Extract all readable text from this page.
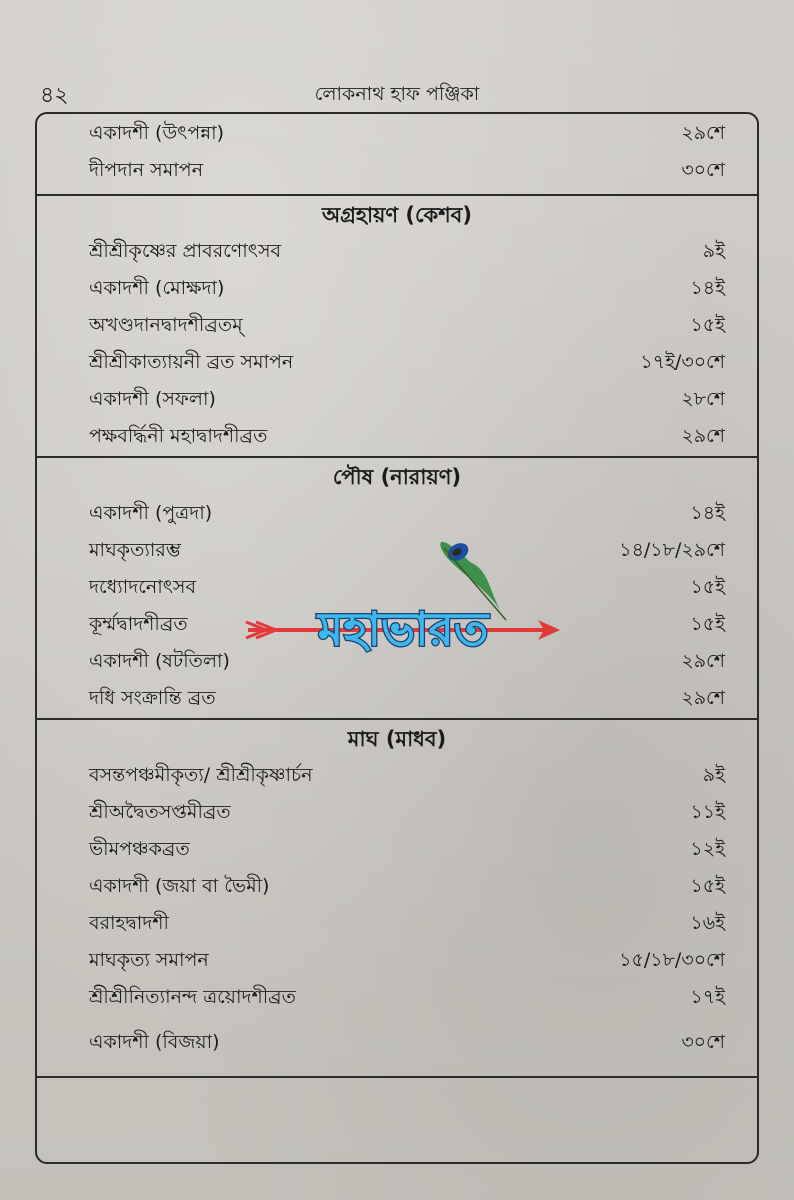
৪২	লোকনাথ হাফ পঞ্জিকা
একাদশী (উৎপন্না)	২৯শে
দীপদান সমাপন	৩০শে
অগ্রহায়ণ (কেশব)
শ্রীশ্রীকৃষ্ণের প্রাবরণোৎসব	৯ই
একাদশী (মোক্ষদা)	১৪ই
অখণ্ডদানদ্বাদশীব্রতম্	১৫ই
শ্রীশ্রীকাত্যায়নী ব্রত সমাপন	১৭ই/৩০শে
একাদশী (সফলা)	২৮শে
পক্ষবর্দ্ধিনী মহাদ্বাদশীব্রত	২৯শে
পৌষ (নারায়ণ)
একাদশী (পুত্রদা)	১৪ই
মাঘকৃত্যারম্ভ	১৪/১৮/২৯শে
দধ্যোদনোৎসব	১৫ই
কূর্ম্মদ্বাদশীব্রত	১৫ই
একাদশী (ষটতিলা)	২৯শে
দধি সংক্রান্তি ব্রত	২৯শে
মাঘ (মাধব)
বসন্তপঞ্চমীকৃত্য/ শ্রীশ্রীকৃষ্ণার্চন	৯ই
শ্রীঅদ্বৈতসপ্তমীব্রত	১১ই
ভীমপঞ্চকব্রত	১২ই
একাদশী (জয়া বা ভৈমী)	১৫ই
বরাহদ্বাদশী	১৬ই
মাঘকৃত্য সমাপন	১৫/১৮/৩০শে
শ্রীশ্রীনিত্যানন্দ ত্রয়োদশীব্রত	১৭ই
একাদশী (বিজয়া)	৩০শে
মহাভারত
